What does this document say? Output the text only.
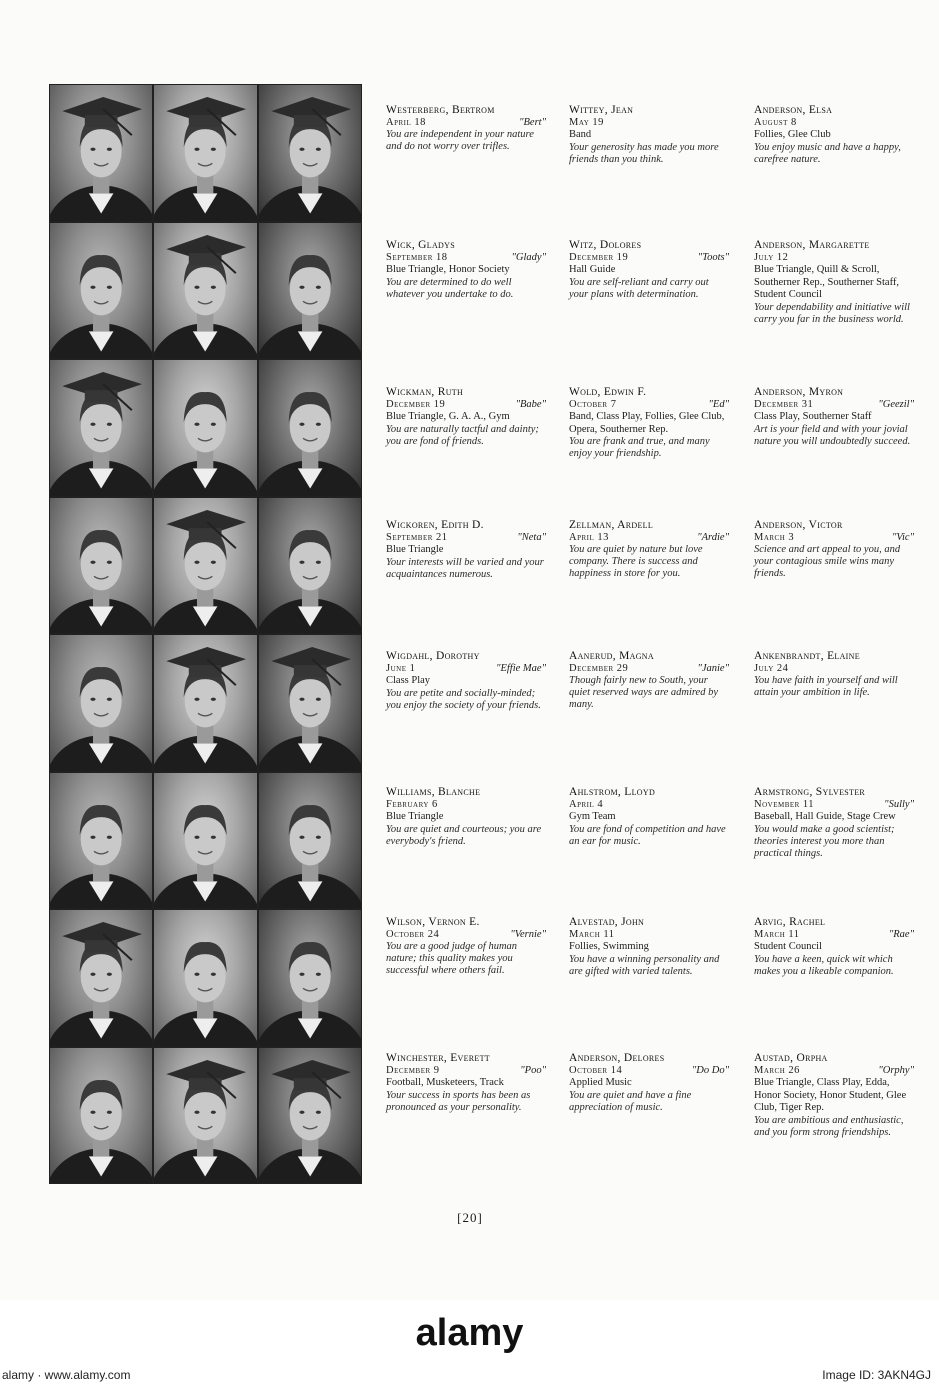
Westerberg, Bertrom
April 18	"Bert"
You are independent in your nature and do not worry over trifles.
Wick, Gladys
September 18	"Glady"
Blue Triangle, Honor Society
You are determined to do well whatever you undertake to do.
Wickman, Ruth
December 19	"Babe"
Blue Triangle, G. A. A., Gym
You are naturally tactful and dainty; you are fond of friends.
Wickoren, Edith D.
September 21	"Neta"
Blue Triangle
Your interests will be varied and your acquaintances numerous.
Wigdahl, Dorothy
June 1	"Effie Mae"
Class Play
You are petite and socially-minded; you enjoy the society of your friends.
Williams, Blanche
February 6
Blue Triangle
You are quiet and courteous; you are everybody's friend.
Wilson, Vernon E.
October 24	"Vernie"
You are a good judge of human nature; this quality makes you successful where others fail.
Winchester, Everett
December 9	"Poo"
Football, Musketeers, Track
Your success in sports has been as pronounced as your personality.
Wittey, Jean
May 19
Band
Your generosity has made you more friends than you think.
Witz, Dolores
December 19	"Toots"
Hall Guide
You are self-reliant and carry out your plans with determination.
Wold, Edwin F.
October 7	"Ed"
Band, Class Play, Follies, Glee Club, Opera, Southerner Rep.
You are frank and true, and many enjoy your friendship.
Zellman, Ardell
April 13	"Ardie"
You are quiet by nature but love company. There is success and happiness in store for you.
Aanerud, Magna
December 29	"Janie"
Though fairly new to South, your quiet reserved ways are admired by many.
Ahlstrom, Lloyd
April 4
Gym Team
You are fond of competition and have an ear for music.
Alvestad, John
March 11
Follies, Swimming
You have a winning personality and are gifted with varied talents.
Anderson, Delores
October 14	"Do Do"
Applied Music
You are quiet and have a fine appreciation of music.
Anderson, Elsa
August 8
Follies, Glee Club
You enjoy music and have a happy, carefree nature.
Anderson, Margarette
July 12
Blue Triangle, Quill & Scroll, Southerner Rep., Southerner Staff, Student Council
Your dependability and initiative will carry you far in the business world.
Anderson, Myron
December 31	"Geezil"
Class Play, Southerner Staff
Art is your field and with your jovial nature you will undoubtedly succeed.
Anderson, Victor
March 3	"Vic"
Science and art appeal to you, and your contagious smile wins many friends.
Ankenbrandt, Elaine
July 24
You have faith in yourself and will attain your ambition in life.
Armstrong, Sylvester
November 11	"Sully"
Baseball, Hall Guide, Stage Crew
You would make a good scientist; theories interest you more than practical things.
Arvig, Rachel
March 11	"Rae"
Student Council
You have a keen, quick wit which makes you a likeable companion.
Austad, Orpha
March 26	"Orphy"
Blue Triangle, Class Play, Edda, Honor Society, Honor Student, Glee Club, Tiger Rep.
You are ambitious and enthusiastic, and you form strong friendships.
[20]
alamy
alamy · www.alamy.com	Image ID: 3AKN4GJ
